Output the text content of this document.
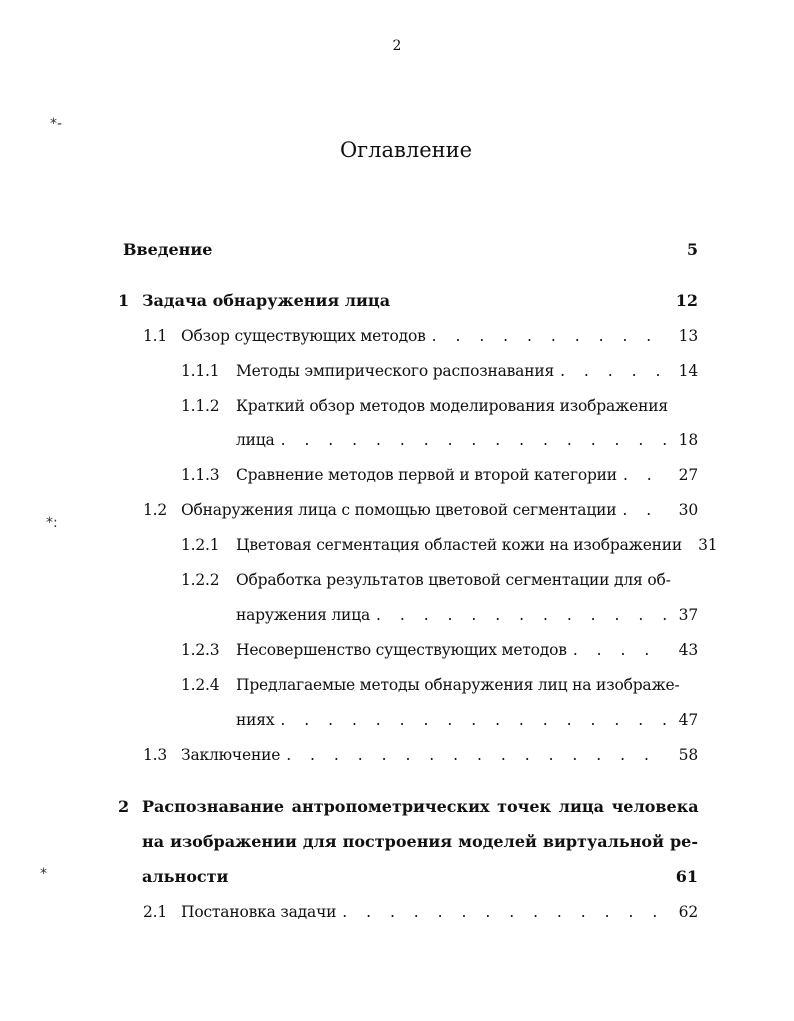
2
*-
*:
*
Оглавление
Введение	5
1 Задача обнаружения лица	12
1.1 Обзор существующих методов . . .	13
1.1.1 Методы эмпирического распознавания . . .	14
1.1.2 Краткий обзор методов моделирования изображения
лица . . .	18
1.1.3 Сравнение методов первой и второй категории . . .	27
1.2 Обнаружения лица с помощью цветовой сегментации . . .	30
1.2.1 Цветовая сегментация областей кожи на изображении . . .	31
1.2.2 Обработка результатов цветовой сегментации для об-
наружения лица . . .	37
1.2.3 Несовершенство существующих методов . . .	43
1.2.4 Предлагаемые методы обнаружения лиц на изображе-
ниях . . .	47
1.3 Заключение . . .	58
2 Распознавание антропометрических точек лица человека
на изображении для построения моделей виртуальной ре-
альности	61
2.1 Постановка задачи . . .	62
